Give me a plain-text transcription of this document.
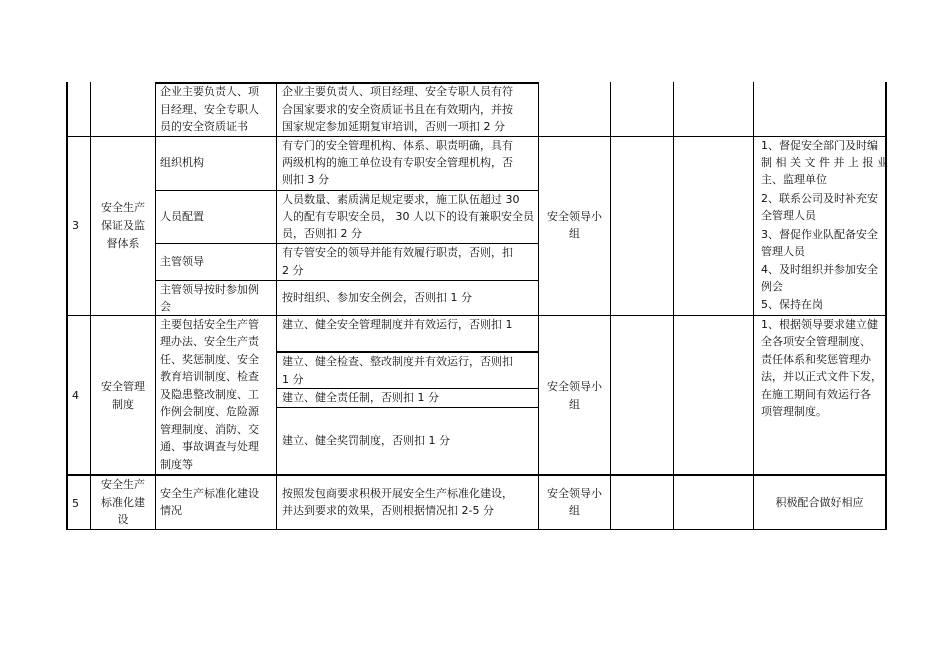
企业主要负责人、项
目经理、安全专职人
员的安全资质证书
企业主要负责人、项目经理、安全专职人员有符
合国家要求的安全资质证书且在有效期内，并按
国家规定参加延期复审培训，否则一项扣 2 分
3
安全生产
保证及监
督体系
组织机构
有专门的安全管理机构、体系、职责明确，具有
两级机构的施工单位设有专职安全管理机构，否
则扣 3 分
人员配置
人员数量、素质满足规定要求，施工队伍超过 30
人的配有专职安全员， 30 人以下的设有兼职安全员
员，否则扣 2 分
主管领导
有专管安全的领导并能有效履行职责，否则，扣
2 分
主管领导按时参加例
会
按时组织、参加安全例会，否则扣 1 分
安全领导小
组
1、督促安全部门及时编
制 相 关 文 件 并 上 报 业
主、监理单位
2、联系公司及时补充安
全管理人员
3、督促作业队配备安全
管理人员
4、及时组织并参加安全
例会
5、保持在岗
4
安全管理
制度
主要包括安全生产管
理办法、安全生产责
任、奖惩制度、安全
教育培训制度、检查
及隐患整改制度、工
作例会制度、危险源
管理制度、消防、交
通、事故调查与处理
制度等
建立、健全安全管理制度并有效运行，否则扣 1
建立、健全检查、整改制度并有效运行，否则扣
1 分
建立、健全责任制，否则扣 1 分
建立、健全奖罚制度，否则扣 1 分
安全领导小
组
1、根据领导要求建立健
全各项安全管理制度、
责任体系和奖惩管理办
法，并以正式文件下发，
在施工期间有效运行各
项管理制度。
5
安全生产
标准化建
设
安全生产标准化建设
情况
按照发包商要求积极开展安全生产标准化建设，
并达到要求的效果，否则根据情况扣 2-5 分
安全领导小
组
积极配合做好相应
